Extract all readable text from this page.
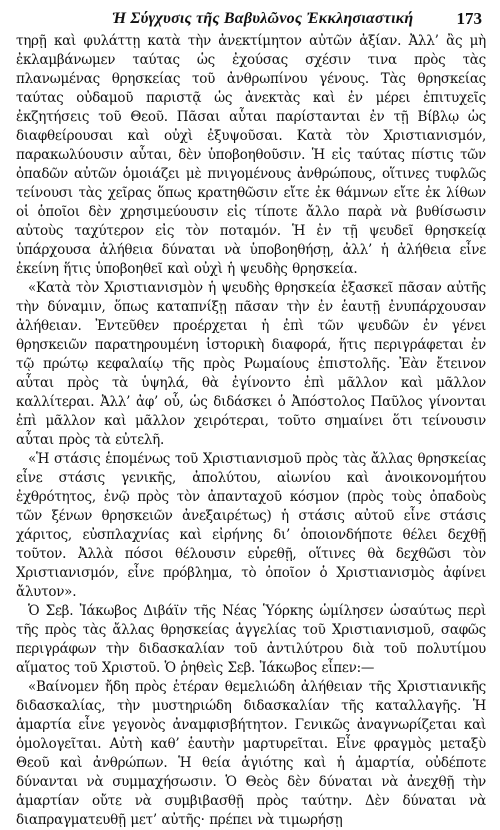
Ἡ Σύγχυσις τῆς Βαβυλῶνος Ἐκκλησιαστική	173

τηρῇ καὶ φυλάττῃ κατὰ τὴν ἀνεκτίμητον αὐτῶν ἀξίαν. Ἀλλ’ ἂς μὴ ἐκλαμβάνωμεν ταύτας ὡς ἐχούσας σχέσιν τινα πρὸς τὰς πλανωμένας θρησκείας τοῦ ἀνθρωπίνου γένους. Τὰς θρησκείας ταύτας οὐδαμοῦ παριστᾷ ὡς ἀνεκτὰς καὶ ἐν μέρει ἐπιτυχεῖς ἐκζητήσεις τοῦ Θεοῦ. Πᾶσαι αὗται παρίστανται ἐν τῇ Βίβλῳ ὡς διαφθείρουσαι καὶ οὐχὶ ἐξυψοῦσαι. Κατὰ τὸν Χριστιανισμόν, παρακωλύουσιν αὗται, δὲν ὑποβοηθοῦσιν. Ἡ εἰς ταύτας πίστις τῶν ὀπαδῶν αὐτῶν ὁμοιάζει μὲ πνιγομένους ἀνθρώπους, οἵτινες τυφλῶς τείνουσι τὰς χεῖρας ὅπως κρατηθῶσιν εἴτε ἐκ θάμνων εἴτε ἐκ λίθων οἱ ὁποῖοι δὲν χρησιμεύουσιν εἰς τίποτε ἄλλο παρὰ νὰ βυθίσωσιν αὐτοὺς ταχύτερον εἰς τὸν ποταμόν. Ἡ ἐν τῇ ψευδεῖ θρησκείᾳ ὑπάρχουσα ἀλήθεια δύναται νὰ ὑποβοηθήσῃ, ἀλλ’ ἡ ἀλήθεια εἶνε ἐκείνη ἥτις ὑποβοηθεῖ καὶ οὐχὶ ἡ ψευδὴς θρησκεία.

«Κατὰ τὸν Χριστιανισμὸν ἡ ψευδὴς θρησκεία ἐξασκεῖ πᾶσαν αὐτῆς τὴν δύναμιν, ὅπως καταπνίξῃ πᾶσαν τὴν ἐν ἑαυτῇ ἐνυπάρχουσαν ἀλήθειαν. Ἐντεῦθεν προέρχεται ἡ ἐπὶ τῶν ψευδῶν ἐν γένει θρησκειῶν παρατηρουμένη ἱστορικὴ διαφορά, ἥτις περιγράφεται ἐν τῷ πρώτῳ κεφαλαίῳ τῆς πρὸς Ρωμαίους ἐπιστολῆς. Ἐὰν ἔτεινον αὗται πρὸς τὰ ὑψηλά, θὰ ἐγίνοντο ἐπὶ μᾶλλον καὶ μᾶλλον καλλίτεραι. Ἀλλ’ ἀφ’ οὗ, ὡς διδάσκει ὁ Ἀπόστολος Παῦλος γίνονται ἐπὶ μᾶλλον καὶ μᾶλλον χειρότεραι, τοῦτο σημαίνει ὅτι τείνουσιν αὗται πρὸς τὰ εὐτελῆ.

«Ἡ στάσις ἑπομένως τοῦ Χριστιανισμοῦ πρὸς τὰς ἄλλας θρησκείας εἶνε στάσις γενικῆς, ἀπολύτου, αἰωνίου καὶ ἀνοικονομήτου ἐχθρότητος, ἐνῷ πρὸς τὸν ἀπανταχοῦ κόσμον (πρὸς τοὺς ὀπαδοὺς τῶν ξένων θρησκειῶν ἀνεξαιρέτως) ἡ στάσις αὐτοῦ εἶνε στάσις χάριτος, εὐσπλαχνίας καὶ εἰρήνης δι’ ὁποιονδήποτε θέλει δεχθῇ τοῦτον. Ἀλλὰ πόσοι θέλουσιν εὑρεθῇ, οἵτινες θὰ δεχθῶσι τὸν Χριστιανισμόν, εἶνε πρόβλημα, τὸ ὁποῖον ὁ Χριστιανισμὸς ἀφίνει ἄλυτον».

Ὁ Σεβ. Ἰάκωβος Διβάϊν τῆς Νέας Ὑόρκης ὡμίλησεν ὡσαύτως περὶ τῆς πρὸς τὰς ἄλλας θρησκείας ἀγγελίας τοῦ Χριστιανισμοῦ, σαφῶς περιγράφων τὴν διδασκαλίαν τοῦ ἀντιλύτρου διὰ τοῦ πολυτίμου αἵματος τοῦ Χριστοῦ. Ὁ ῥηθεὶς Σεβ. Ἰάκωβος εἶπεν:—

«Βαίνομεν ἤδη πρὸς ἑτέραν θεμελιώδη ἀλήθειαν τῆς Χριστιανικῆς διδασκαλίας, τὴν μυστηριώδη διδασκαλίαν τῆς καταλλαγῆς. Ἡ ἁμαρτία εἶνε γεγονὸς ἀναμφισβήτητον. Γενικῶς ἀναγνωρίζεται καὶ ὁμολογεῖται. Αὐτὴ καθ’ ἑαυτὴν μαρτυρεῖται. Εἶνε φραγμὸς μεταξὺ Θεοῦ καὶ ἀνθρώπων. Ἡ θεία ἁγιότης καὶ ἡ ἁμαρτία, οὐδέποτε δύνανται νὰ συμμαχήσωσιν. Ὁ Θεὸς δὲν δύναται νὰ ἀνεχθῇ τὴν ἁμαρτίαν οὔτε νὰ συμβιβασθῇ πρὸς ταύτην. Δὲν δύναται νὰ διαπραγματευθῇ μετ’ αὐτῆς· πρέπει νὰ τιμωρήσῃ
